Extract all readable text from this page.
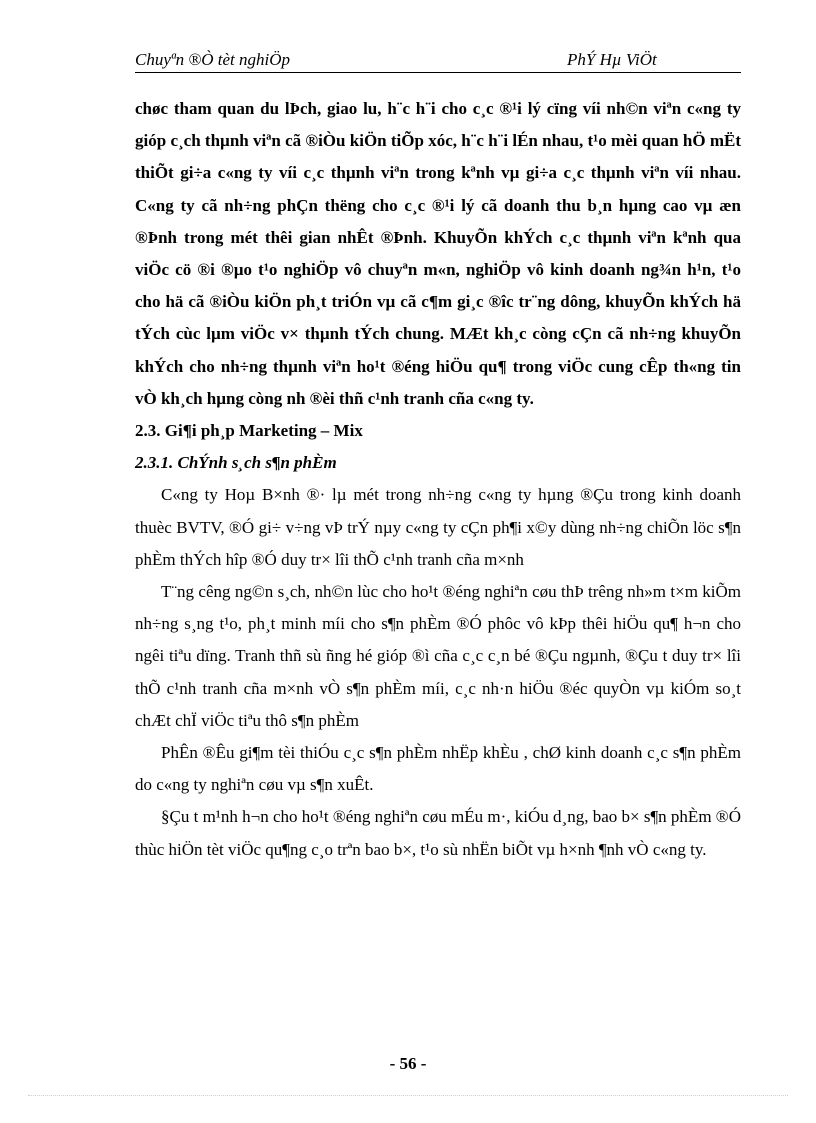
Chuyªn ®Ò tèt nghiÖp	PhÝ Hµ ViÖt

chøc tham quan du lÞch, giao lu, h¨c h¨i cho c¸c ®¹i lý cïng víi nh©n viªn c«ng ty gióp c¸ch thµnh viªn cã ®iÒu kiÖn tiÕp xóc, h¨c h¨i lÉn nhau, t¹o mèi quan hÖ mËt thiÕt gi÷a c«ng ty víi c¸c thµnh viªn trong kªnh vµ gi÷a c¸c thµnh viªn víi nhau. C«ng ty cã nh÷ng phÇn thëng cho c¸c ®¹i lý cã doanh thu b¸n hµng cao vµ æn ®Þnh trong mét thêi gian nhÊt ®Þnh. KhuyÕn khÝch c¸c thµnh viªn kªnh qua viÖc cö ®i ®µo t¹o nghiÖp vô chuyªn m«n, nghiÖp vô kinh doanh ng¾n h¹n, t¹o cho hä cã ®iÒu kiÖn ph¸t triÓn vµ cã c¶m gi¸c ®îc tr¨ng dông, khuyÕn khÝch hä tÝch cùc lµm viÖc v× thµnh tÝch chung. MÆt kh¸c còng cÇn cã nh÷ng khuyÕn khÝch cho nh÷ng thµnh viªn ho¹t ®éng hiÖu qu¶ trong viÖc cung cÊp th«ng tin vÒ kh¸ch hµng còng nh ®èi thñ c¹nh tranh cña c«ng ty.

2.3. Gi¶i ph¸p Marketing – Mix

2.3.1. ChÝnh s¸ch s¶n phÈm

C«ng ty Hoµ B×nh ®· lµ mét trong nh÷ng c«ng ty hµng ®Çu trong kinh doanh thuèc BVTV, ®Ó gi÷ v÷ng vÞ trÝ nµy c«ng ty cÇn ph¶i x©y dùng nh÷ng chiÕn löc s¶n phÈm thÝch hîp ®Ó duy tr× lîi thÕ c¹nh tranh cña m×nh

T¨ng cêng ng©n s¸ch, nh©n lùc cho ho¹t ®éng nghiªn cøu thÞ trêng nh»m t×m kiÕm nh÷ng s¸ng t¹o, ph¸t minh míi cho s¶n phÈm ®Ó phôc vô kÞp thêi hiÖu qu¶ h¬n cho ngêi tiªu dïng. Tranh thñ sù ñng hé gióp ®ì cña c¸c c¸n bé ®Çu ngµnh, ®Çu t duy tr× lîi thÕ c¹nh tranh cña m×nh vÒ s¶n phÈm míi, c¸c nh·n hiÖu ®éc quyÒn vµ kiÓm so¸t chÆt chÏ viÖc tiªu thô s¶n phÈm

PhÊn ®Êu gi¶m tèi thiÓu c¸c s¶n phÈm nhËp khÈu , chØ kinh doanh c¸c s¶n phÈm do c«ng ty nghiªn cøu vµ s¶n xuÊt.

§Çu t m¹nh h¬n cho ho¹t ®éng nghiªn cøu mÉu m·, kiÓu d¸ng, bao b× s¶n phÈm ®Ó thùc hiÖn tèt viÖc qu¶ng c¸o trªn bao b×, t¹o sù nhËn biÕt vµ h×nh ¶nh vÒ c«ng ty.

- 56 -
